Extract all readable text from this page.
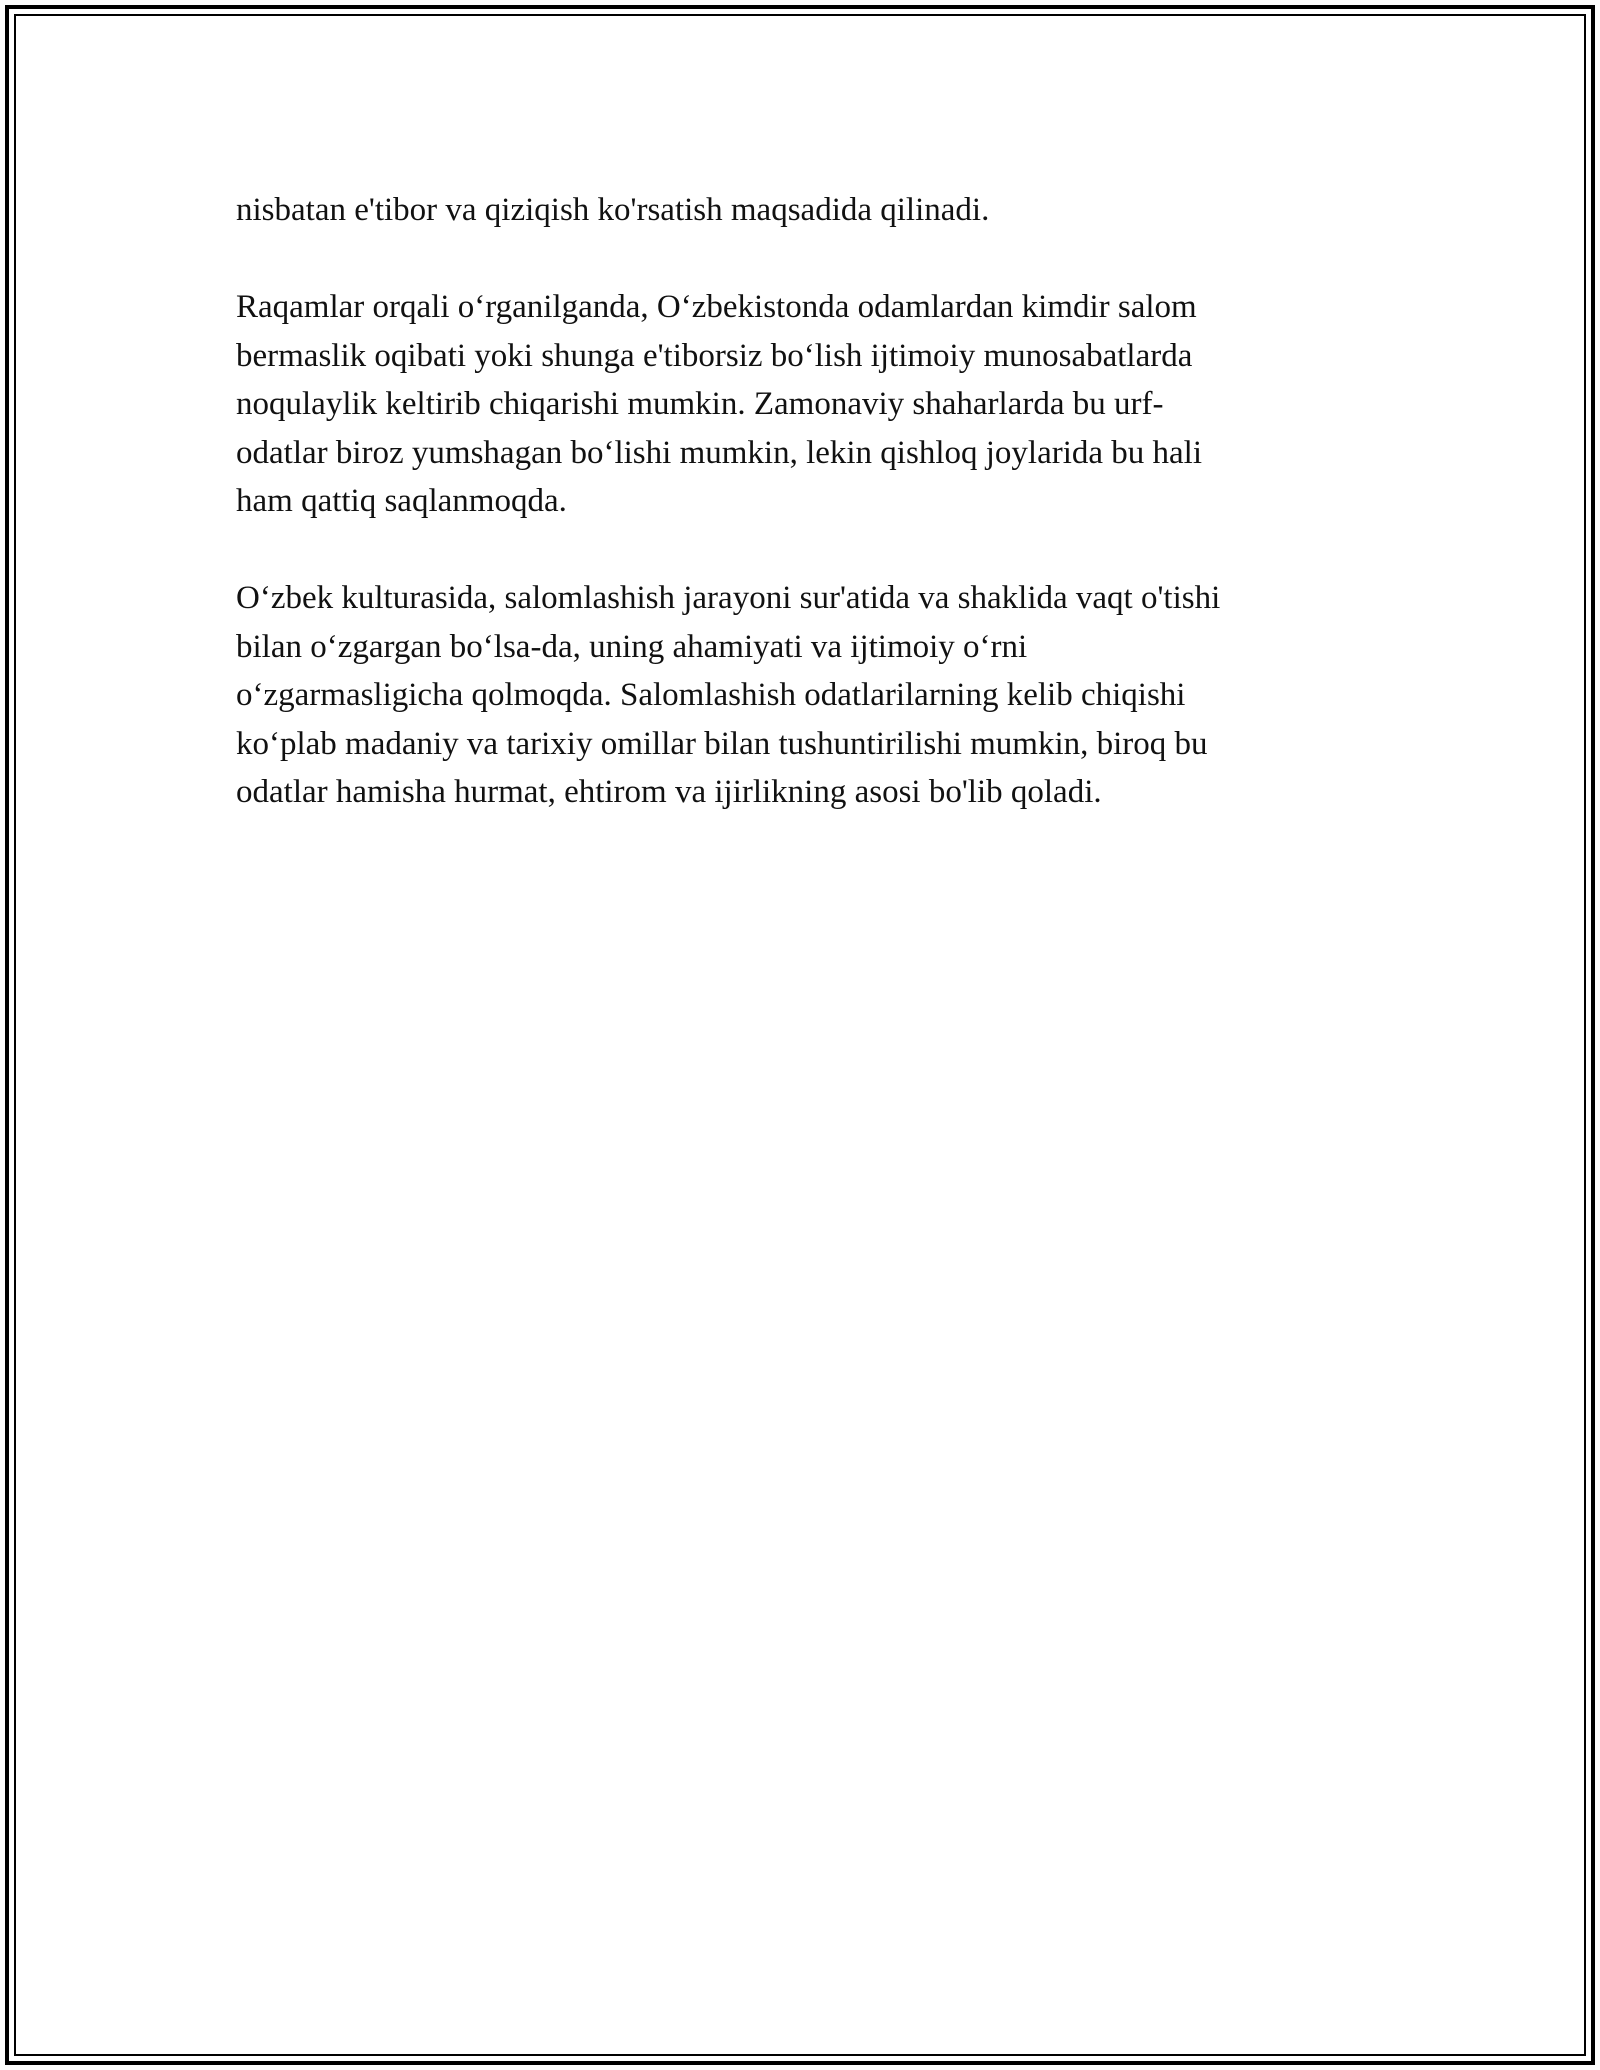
nisbatan e'tibor va qiziqish ko'rsatish maqsadida qilinadi.

Raqamlar orqali o‘rganilganda, O‘zbekistonda odamlardan kimdir salom
bermaslik oqibati yoki shunga e'tiborsiz bo‘lish ijtimoiy munosabatlarda
noqulaylik keltirib chiqarishi mumkin. Zamonaviy shaharlarda bu urf-
odatlar biroz yumshagan bo‘lishi mumkin, lekin qishloq joylarida bu hali
ham qattiq saqlanmoqda.

O‘zbek kulturasida, salomlashish jarayoni sur'atida va shaklida vaqt o'tishi
bilan o‘zgargan bo‘lsa-da, uning ahamiyati va ijtimoiy o‘rni
o‘zgarmasligicha qolmoqda. Salomlashish odatlarilarning kelib chiqishi
ko‘plab madaniy va tarixiy omillar bilan tushuntirilishi mumkin, biroq bu
odatlar hamisha hurmat, ehtirom va ijirlikning asosi bo'lib qoladi.
